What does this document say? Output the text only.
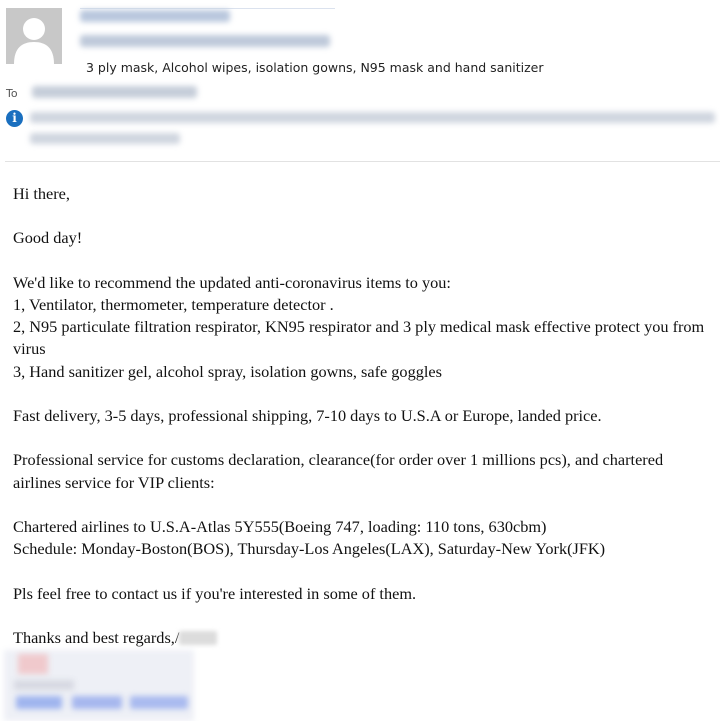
3 ply mask, Alcohol wipes, isolation gowns, N95 mask and hand sanitizer
To
i

Hi there,

Good day!

We'd like to recommend the updated anti-coronavirus items to you:

1, Ventilator, thermometer, temperature detector .

2, N95 particulate filtration respirator, KN95 respirator and 3 ply medical mask effective protect you from virus

3, Hand sanitizer gel, alcohol spray, isolation gowns, safe goggles

Fast delivery, 3-5 days, professional shipping, 7-10 days to U.S.A or Europe, landed price.

Professional service for customs declaration, clearance(for order over 1 millions pcs), and chartered airlines service for VIP clients:

Chartered airlines to U.S.A-Atlas 5Y555(Boeing 747, loading: 110 tons, 630cbm)

Schedule: Monday-Boston(BOS), Thursday-Los Angeles(LAX), Saturday-New York(JFK)

Pls feel free to contact us if you're interested in some of them.

Thanks and best regards,/
